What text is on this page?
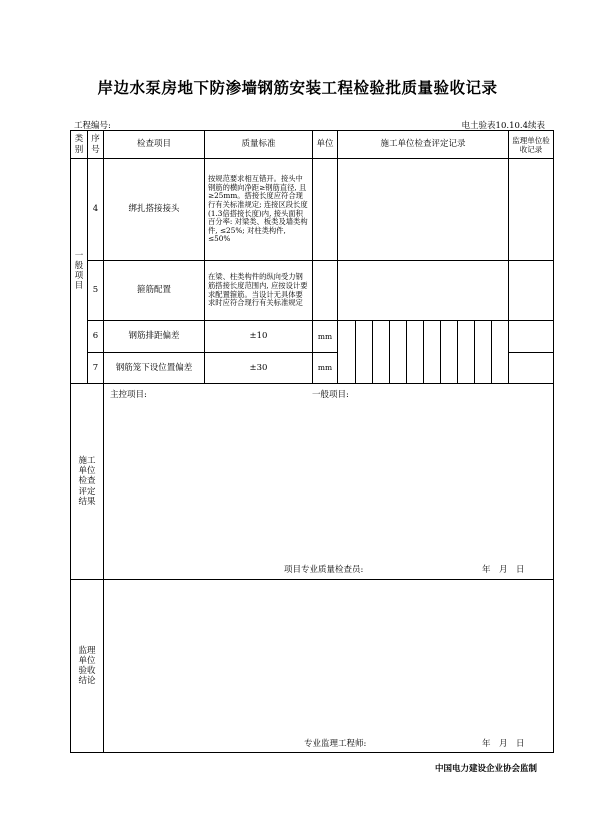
岸边水泵房地下防渗墙钢筋安装工程检验批质量验收记录
工程编号:	电土验表10.10.4续表
类别	序号	检查项目	质量标准	单位	施工单位检查评定记录	监理单位验收记录
一般项目	4	绑扎搭接接头	按规范要求相互错开。接头中钢筋的横向净距≥钢筋直径, 且≥25mm。搭接长度应符合现行有关标准规定; 连接区段长度(1.3倍搭接长度)内, 接头面积百分率: 对梁类、板类及墙类构件, ≤25%; 对柱类构件, ≤50%			
5	箍筋配置	在梁、柱类构件的纵向受力钢筋搭接长度范围内, 应按设计要求配置箍筋。当设计无具体要求时应符合现行有关标准规定			
6	钢筋排距偏差	±10	mm	

7	钢筋笼下设位置偏差	±30	mm	

施工单位检查评定结果	
主控项目:	一般项目:
项目专业质量检查员:	年　月　日

监理单位验收结论	
专业监理工程师:	年　月　日
中国电力建设企业协会监制
